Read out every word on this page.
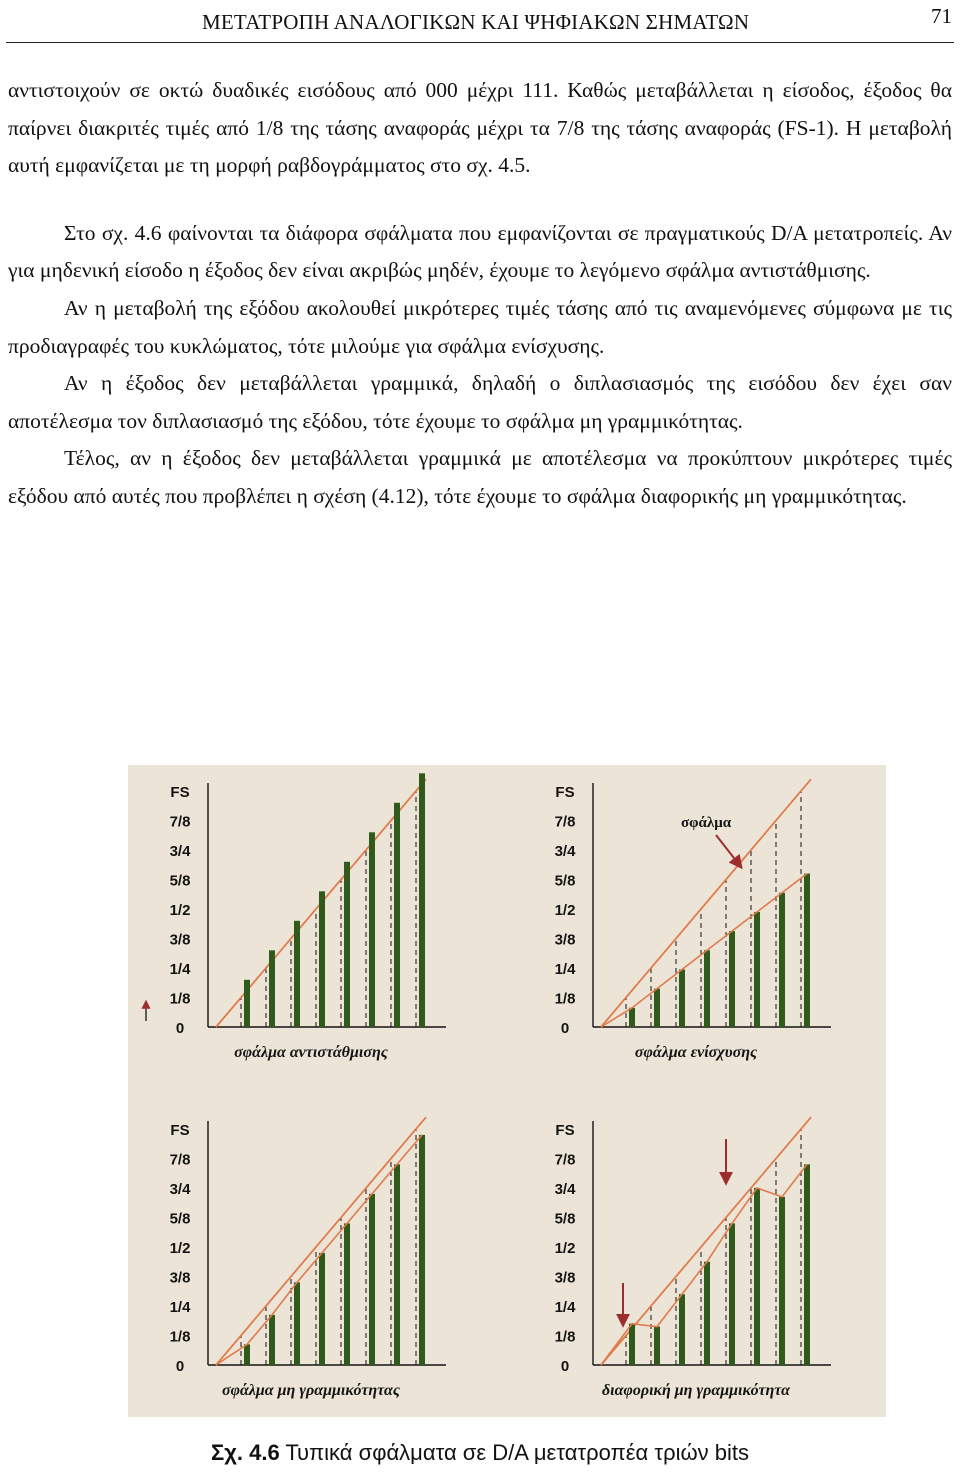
ΜΕΤΑΤΡΟΠΗ ΑΝΑΛΟΓΙΚΩΝ ΚΑΙ ΨΗΦΙΑΚΩΝ ΣΗΜΑΤΩΝ	71

αντιστοιχούν σε οκτώ δυαδικές εισόδους από 000 μέχρι 111. Καθώς μεταβάλλεται η είσοδος, έξοδος θα παίρνει διακριτές τιμές από 1/8 της τάσης αναφοράς μέχρι τα 7/8 της τάσης αναφοράς (FS-1). Η μεταβολή αυτή εμφανίζεται με τη μορφή ραβδογράμματος στο σχ. 4.5.

Στο σχ. 4.6 φαίνονται τα διάφορα σφάλματα που εμφανίζονται σε πραγματικούς D/A μετατροπείς. Αν για μηδενική είσοδο η έξοδος δεν είναι ακριβώς μηδέν, έχουμε το λεγόμενο σφάλμα αντιστάθμισης.

Αν η μεταβολή της εξόδου ακολουθεί μικρότερες τιμές τάσης από τις αναμενόμενες σύμφωνα με τις προδιαγραφές του κυκλώματος, τότε μιλούμε για σφάλμα ενίσχυσης.

Αν η έξοδος δεν μεταβάλλεται γραμμικά, δηλαδή ο διπλασιασμός της εισόδου δεν έχει σαν αποτέλεσμα τον διπλασιασμό της εξόδου, τότε έχουμε το σφάλμα μη γραμμικότητας.

Τέλος, αν η έξοδος δεν μεταβάλλεται γραμμικά με αποτέλεσμα να προκύπτουν μικρότερες τιμές εξόδου από αυτές που προβλέπει η σχέση (4.12), τότε έχουμε το σφάλμα διαφορικής μη γραμμικότητας.

FS
7/8
3/4
5/8
1/2
3/8
1/4
1/8
0
σφάλμα αντιστάθμισης
FS
7/8
3/4
5/8
1/2
3/8
1/4
1/8
0
σφάλμα
σφάλμα ενίσχυσης
FS
7/8
3/4
5/8
1/2
3/8
1/4
1/8
0
σφάλμα μη γραμμικότητας
FS
7/8
3/4
5/8
1/2
3/8
1/4
1/8
0
διαφορική μη γραμμικότητα
Σχ. 4.6 Τυπικά σφάλματα σε D/A μετατροπέα τριών bits
